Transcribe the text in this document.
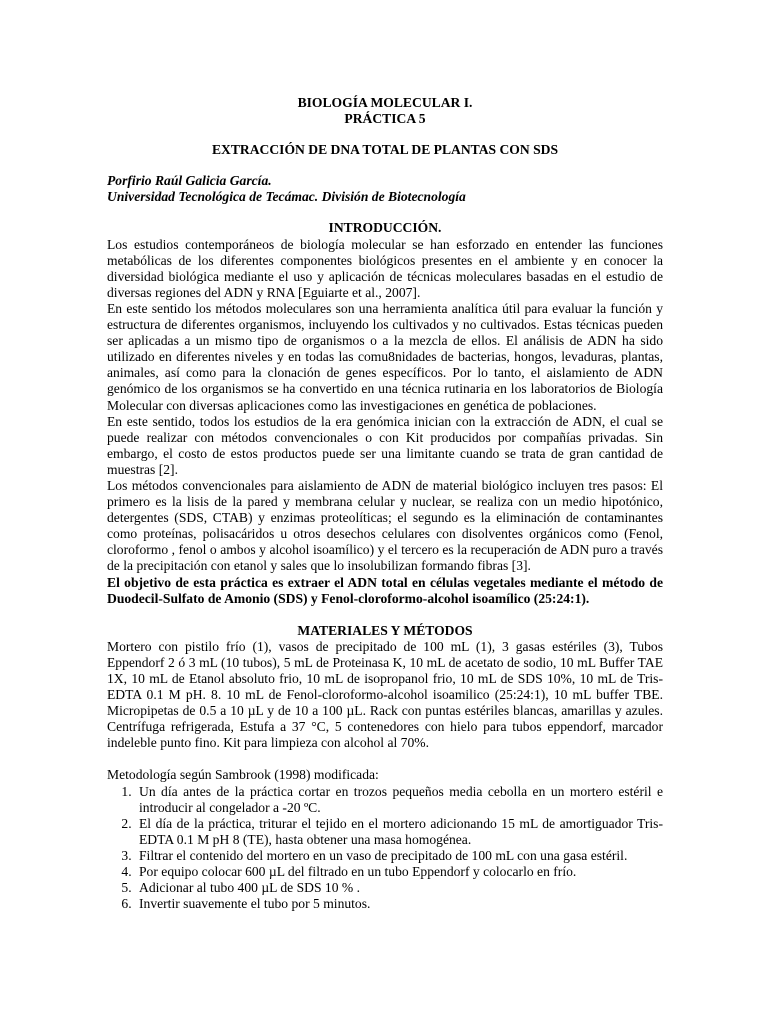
BIOLOGÍA MOLECULAR I.
PRÁCTICA 5
EXTRACCIÓN DE DNA TOTAL DE PLANTAS CON SDS
Porfirio Raúl Galicia García.
Universidad Tecnológica de Tecámac. División de Biotecnología
INTRODUCCIÓN.

Los estudios contemporáneos de biología molecular se han esforzado en entender las funciones metabólicas de los diferentes componentes biológicos presentes en el ambiente y en conocer la diversidad biológica mediante el uso y aplicación de técnicas moleculares basadas en el estudio de diversas regiones del ADN y RNA [Eguiarte et al., 2007].

En este sentido los métodos moleculares son una herramienta analítica útil para evaluar la función y estructura de diferentes organismos, incluyendo los cultivados y no cultivados. Estas técnicas pueden ser aplicadas a un mismo tipo de organismos o a la mezcla de ellos. El análisis de ADN ha sido utilizado en diferentes niveles y en todas las comu8nidades de bacterias, hongos, levaduras, plantas, animales, así como para la clonación de genes específicos. Por lo tanto, el aislamiento de ADN genómico de los organismos se ha convertido en una técnica rutinaria en los laboratorios de Biología Molecular con diversas aplicaciones como las investigaciones en genética de poblaciones.

En este sentido, todos los estudios de la era genómica inician con la extracción de ADN, el cual se puede realizar con métodos convencionales o con Kit producidos por compañías privadas. Sin embargo, el costo de estos productos puede ser una limitante cuando se trata de gran cantidad de muestras [2].

Los métodos convencionales para aislamiento de ADN de material biológico incluyen tres pasos: El primero es la lisis de la pared y membrana celular y nuclear, se realiza con un medio hipotónico, detergentes (SDS, CTAB) y enzimas proteolíticas; el segundo es la eliminación de contaminantes como proteínas, polisacáridos u otros desechos celulares con disolventes orgánicos como (Fenol, cloroformo , fenol o ambos y alcohol isoamílico) y el tercero es la recuperación de ADN puro a través de la precipitación con etanol y sales que lo insolubilizan formando fibras [3].

El objetivo de esta práctica es extraer el ADN total en células vegetales mediante el método de Duodecil-Sulfato de Amonio (SDS) y Fenol-cloroformo-alcohol isoamílico (25:24:1).

MATERIALES Y MÉTODOS

Mortero con pistilo frío (1), vasos de precipitado de 100 mL (1), 3 gasas estériles (3), Tubos Eppendorf 2 ó 3 mL (10 tubos), 5 mL de Proteinasa K, 10 mL de acetato de sodio, 10 mL Buffer TAE 1X, 10 mL de Etanol absoluto frio, 10 mL de isopropanol frio, 10 mL de SDS 10%, 10 mL de Tris-EDTA 0.1 M pH. 8. 10 mL de Fenol-cloroformo-alcohol isoamilico (25:24:1), 10 mL buffer TBE. Micropipetas de 0.5 a 10 µL y de 10 a 100 µL. Rack con puntas estériles blancas, amarillas y azules. Centrífuga refrigerada, Estufa a 37 °C, 5 contenedores con hielo para tubos eppendorf, marcador indeleble punto fino. Kit para limpieza con alcohol al 70%.

Metodología según Sambrook (1998) modificada:

1. Un día antes de la práctica cortar en trozos pequeños media cebolla en un mortero estéril e introducir al congelador a -20 ºC.
2. El día de la práctica, triturar el tejido en el mortero adicionando 15 mL de amortiguador Tris-EDTA 0.1 M pH 8 (TE), hasta obtener una masa homogénea.
3. Filtrar el contenido del mortero en un vaso de precipitado de 100 mL con una gasa estéril.
4. Por equipo colocar 600 µL del filtrado en un tubo Eppendorf y colocarlo en frío.
5. Adicionar al tubo 400 µL de SDS 10 % .
6. Invertir suavemente el tubo por 5 minutos.
